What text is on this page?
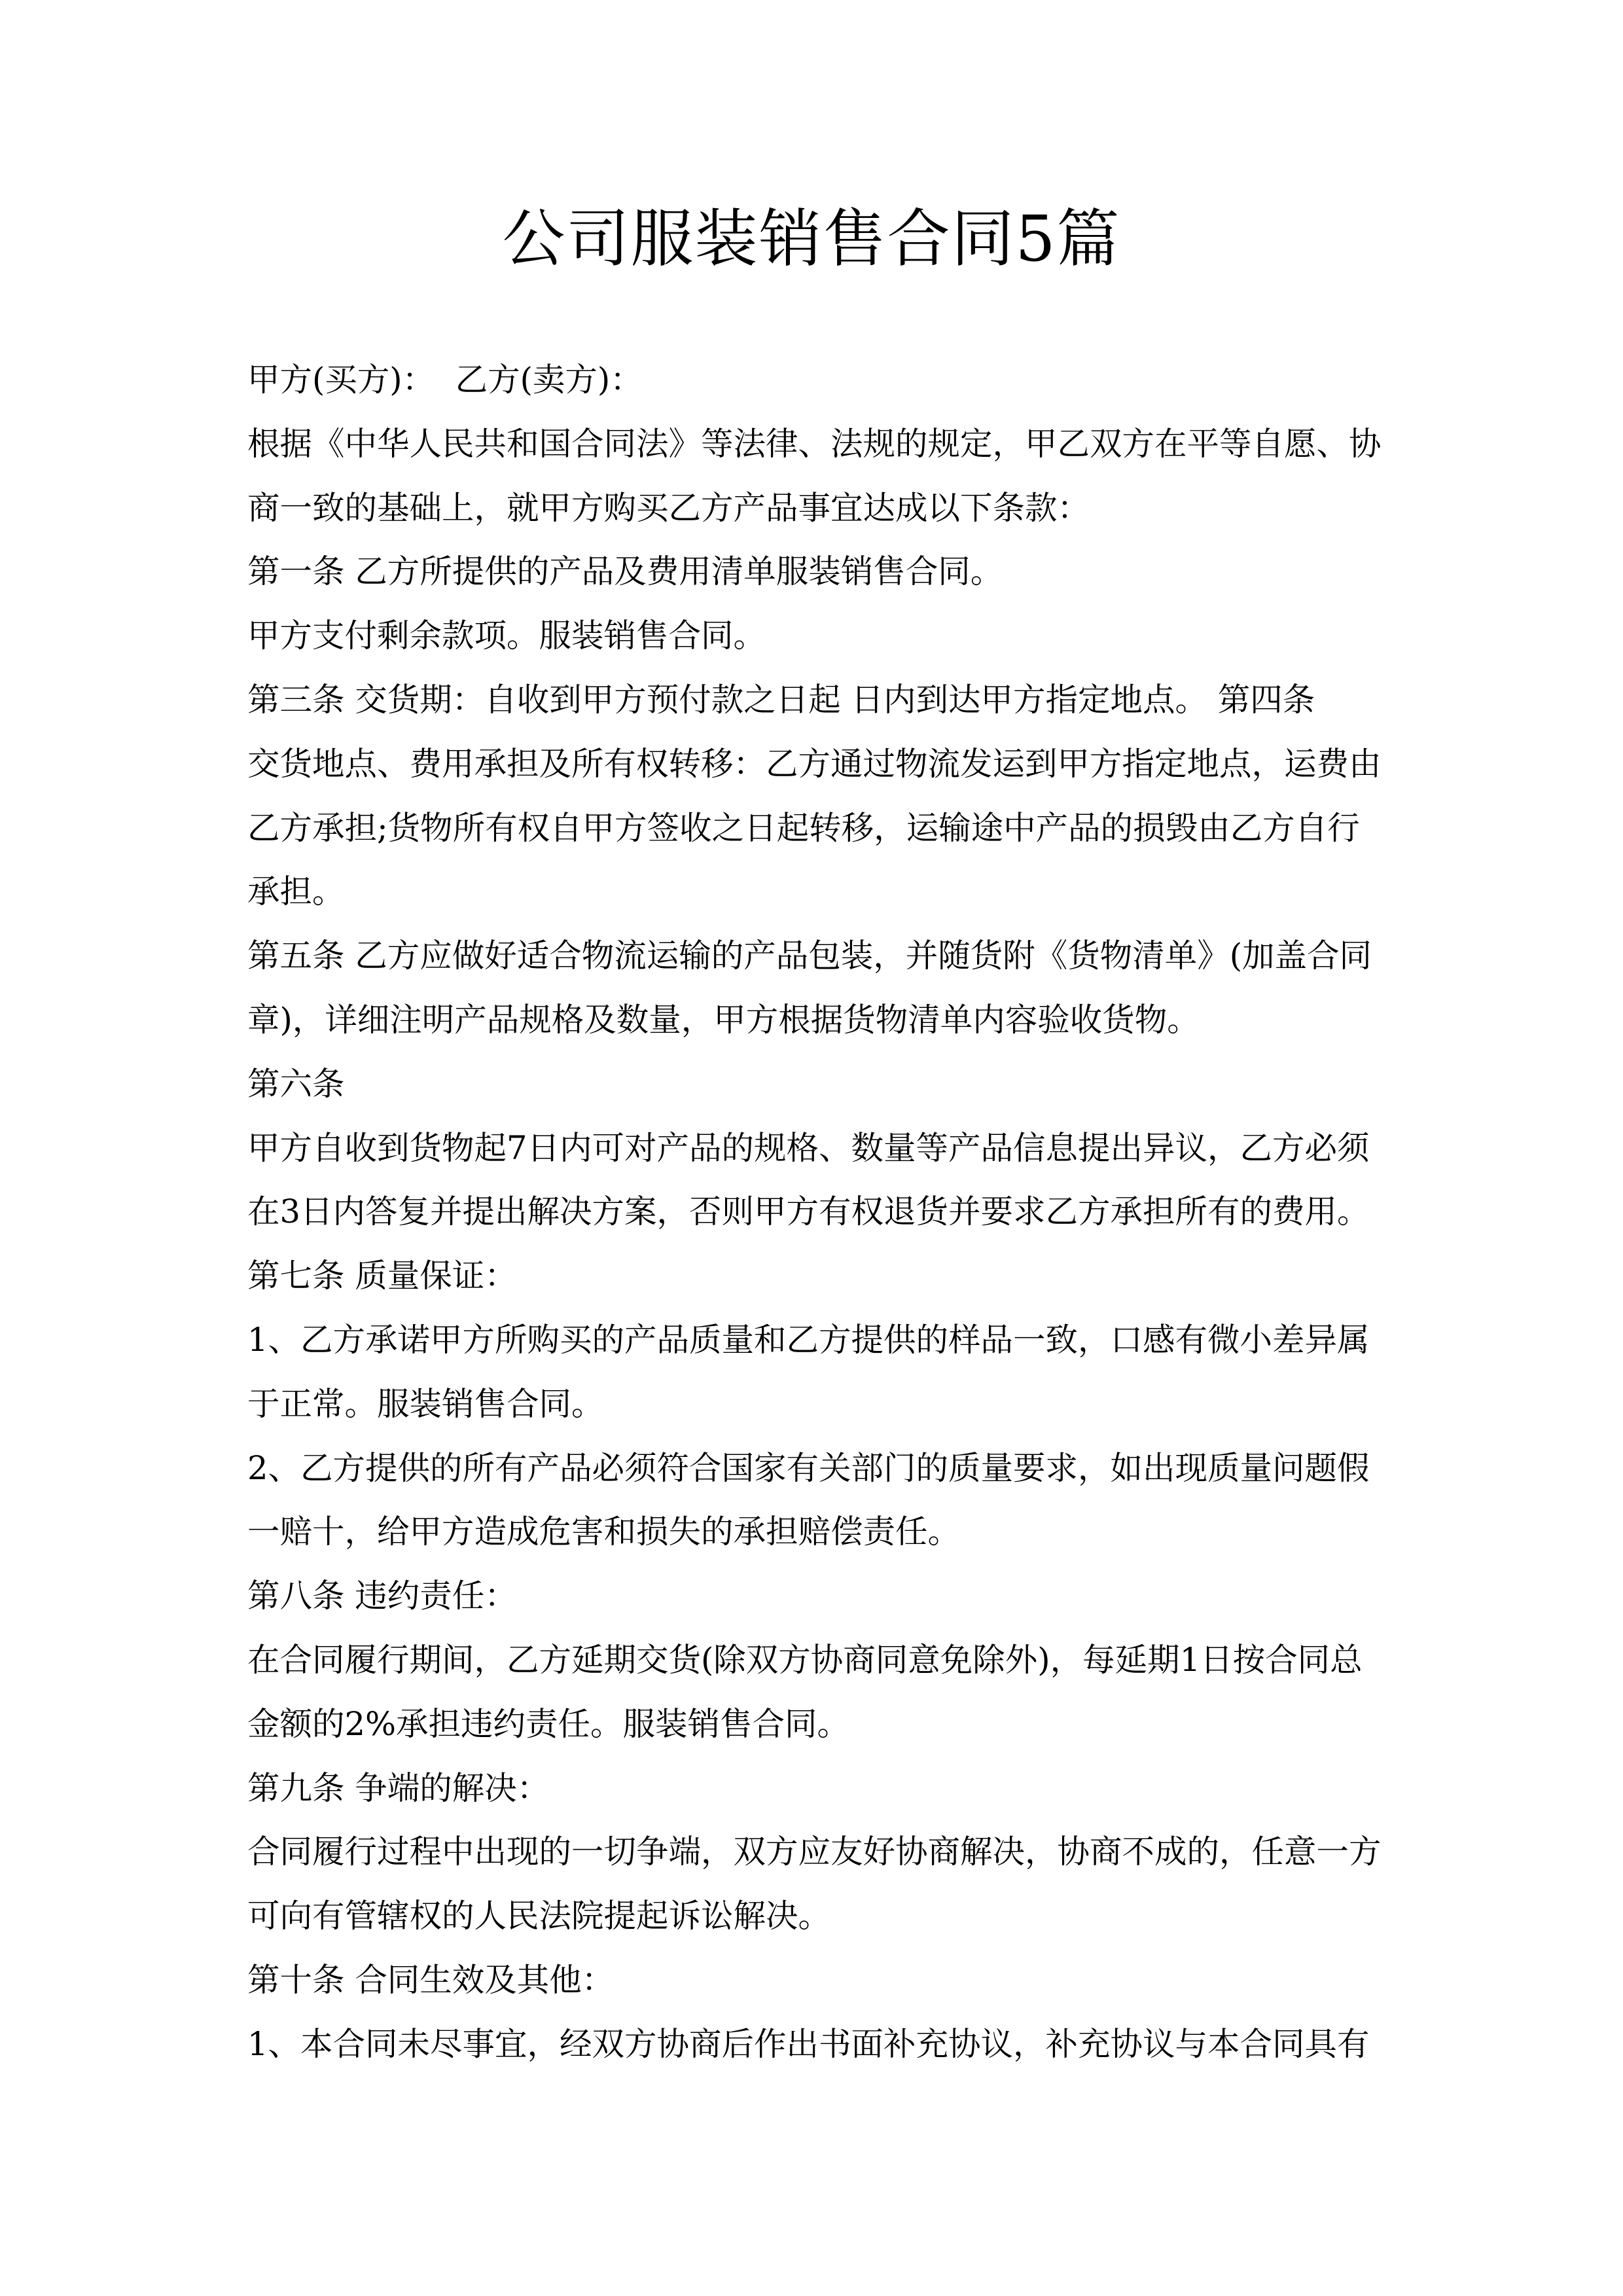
公司服装销售合同5篇
甲方(买方)：  乙方(卖方)：
根据《中华人民共和国合同法》等法律、法规的规定，甲乙双方在平等自愿、协
商一致的基础上，就甲方购买乙方产品事宜达成以下条款：
第一条 乙方所提供的产品及费用清单服装销售合同。
甲方支付剩余款项。服装销售合同。
第三条 交货期：自收到甲方预付款之日起 日内到达甲方指定地点。 第四条
交货地点、费用承担及所有权转移：乙方通过物流发运到甲方指定地点，运费由
乙方承担;货物所有权自甲方签收之日起转移，运输途中产品的损毁由乙方自行
承担。
第五条 乙方应做好适合物流运输的产品包装，并随货附《货物清单》(加盖合同
章)，详细注明产品规格及数量，甲方根据货物清单内容验收货物。
第六条
甲方自收到货物起7日内可对产品的规格、数量等产品信息提出异议，乙方必须
在3日内答复并提出解决方案，否则甲方有权退货并要求乙方承担所有的费用。
第七条 质量保证：
1、乙方承诺甲方所购买的产品质量和乙方提供的样品一致，口感有微小差异属
于正常。服装销售合同。
2、乙方提供的所有产品必须符合国家有关部门的质量要求，如出现质量问题假
一赔十，给甲方造成危害和损失的承担赔偿责任。
第八条 违约责任：
在合同履行期间，乙方延期交货(除双方协商同意免除外)，每延期1日按合同总
金额的2%承担违约责任。服装销售合同。
第九条 争端的解决：
合同履行过程中出现的一切争端，双方应友好协商解决，协商不成的，任意一方
可向有管辖权的人民法院提起诉讼解决。
第十条 合同生效及其他：
1、本合同未尽事宜，经双方协商后作出书面补充协议，补充协议与本合同具有
